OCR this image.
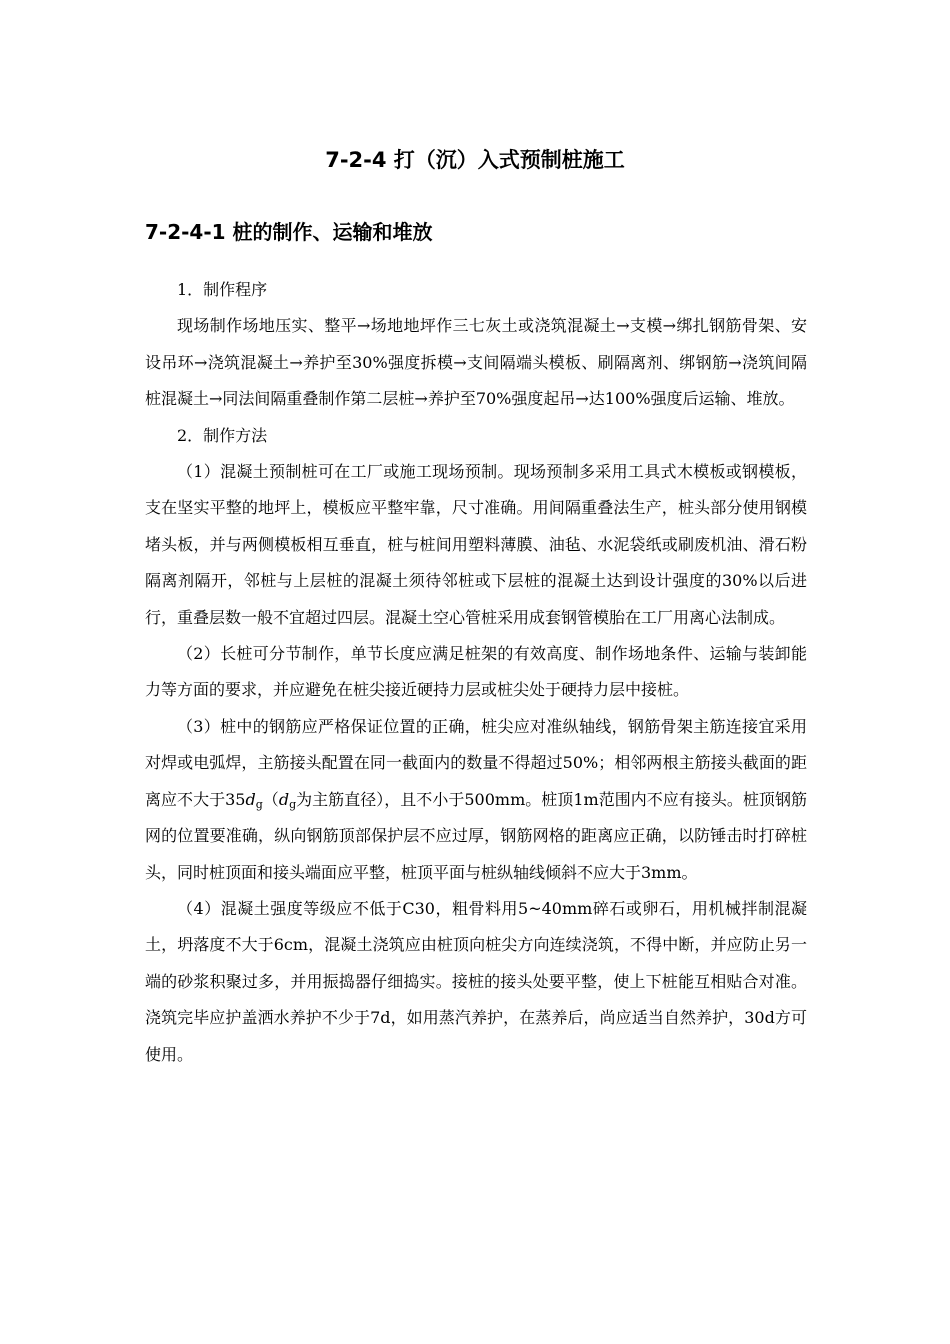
7-2-4 打（沉）入式预制桩施工
7-2-4-1 桩的制作、运输和堆放

1．制作程序

现场制作场地压实、整平→场地地坪作三七灰土或浇筑混凝土→支模→绑扎钢筋骨架、安设吊环→浇筑混凝土→养护至30%强度拆模→支间隔端头模板、刷隔离剂、绑钢筋→浇筑间隔桩混凝土→同法间隔重叠制作第二层桩→养护至70%强度起吊→达100%强度后运输、堆放。

2．制作方法

（1）混凝土预制桩可在工厂或施工现场预制。现场预制多采用工具式木模板或钢模板，支在坚实平整的地坪上，模板应平整牢靠，尺寸准确。用间隔重叠法生产，桩头部分使用钢模堵头板，并与两侧模板相互垂直，桩与桩间用塑料薄膜、油毡、水泥袋纸或刷废机油、滑石粉隔离剂隔开，邻桩与上层桩的混凝土须待邻桩或下层桩的混凝土达到设计强度的30%以后进行，重叠层数一般不宜超过四层。混凝土空心管桩采用成套钢管模胎在工厂用离心法制成。

（2）长桩可分节制作，单节长度应满足桩架的有效高度、制作场地条件、运输与装卸能力等方面的要求，并应避免在桩尖接近硬持力层或桩尖处于硬持力层中接桩。

（3）桩中的钢筋应严格保证位置的正确，桩尖应对准纵轴线，钢筋骨架主筋连接宜采用对焊或电弧焊，主筋接头配置在同一截面内的数量不得超过50%；相邻两根主筋接头截面的距离应不大于$35d_g(d_g$为主筋直径），且不小于500mm。桩顶1m范围内不应有接头。桩顶钢筋网的位置要准确，纵向钢筋顶部保护层不应过厚，钢筋网格的距离应正确，以防锤击时打碎桩头，同时桩顶面和接头端面应平整，桩顶平面与桩纵轴线倾斜不应大于3mm。

（4）混凝土强度等级应不低于C30，粗骨料用5~40mm碎石或卵石，用机械拌制混凝土，坍落度不大于6cm，混凝土浇筑应由桩顶向桩尖方向连续浇筑，不得中断，并应防止另一端的砂浆积聚过多，并用振捣器仔细捣实。接桩的接头处要平整，使上下桩能互相贴合对准。浇筑完毕应护盖洒水养护不少于7d，如用蒸汽养护，在蒸养后，尚应适当自然养护，30d方可使用。
